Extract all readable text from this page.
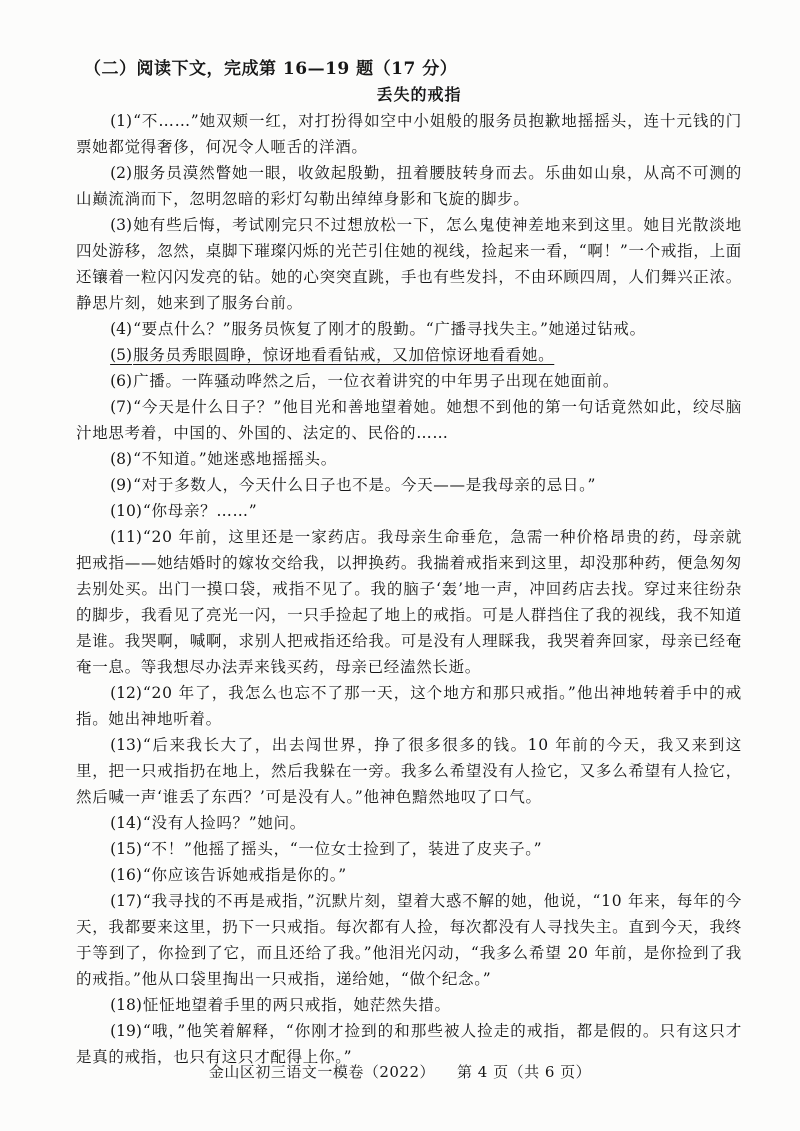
（二）阅读下文，完成第 16—19 题（17 分）
丢失的戒指

(1)“不……”她双颊一红，对打扮得如空中小姐般的服务员抱歉地摇摇头，连十元钱的门票她都觉得奢侈，何况令人咂舌的洋酒。

(2)服务员漠然瞥她一眼，收敛起殷勤，扭着腰肢转身而去。乐曲如山泉，从高不可测的山巅流淌而下，忽明忽暗的彩灯勾勒出绰绰身影和飞旋的脚步。

(3)她有些后悔，考试刚完只不过想放松一下，怎么鬼使神差地来到这里。她目光散淡地四处游移，忽然，桌脚下璀璨闪烁的光芒引住她的视线，捡起来一看，“啊！”一个戒指，上面还镶着一粒闪闪发亮的钻。她的心突突直跳，手也有些发抖，不由环顾四周，人们舞兴正浓。静思片刻，她来到了服务台前。

(4)“要点什么？”服务员恢复了刚才的殷勤。“广播寻找失主。”她递过钻戒。

(5)服务员秀眼圆睁，惊讶地看看钻戒，又加倍惊讶地看看她。

(6)广播。一阵骚动哗然之后，一位衣着讲究的中年男子出现在她面前。

(7)“今天是什么日子？”他目光和善地望着她。她想不到他的第一句话竟然如此，绞尽脑汁地思考着，中国的、外国的、法定的、民俗的……

(8)“不知道。”她迷惑地摇摇头。

(9)“对于多数人，今天什么日子也不是。今天——是我母亲的忌日。”

(10)“你母亲？……”

(11)“20 年前，这里还是一家药店。我母亲生命垂危，急需一种价格昂贵的药，母亲就把戒指——她结婚时的嫁妆交给我，以押换药。我揣着戒指来到这里，却没那种药，便急匆匆去别处买。出门一摸口袋，戒指不见了。我的脑子‘轰’地一声，冲回药店去找。穿过来往纷杂的脚步，我看见了亮光一闪，一只手捡起了地上的戒指。可是人群挡住了我的视线，我不知道是谁。我哭啊，喊啊，求别人把戒指还给我。可是没有人理睬我，我哭着奔回家，母亲已经奄奄一息。等我想尽办法弄来钱买药，母亲已经溘然长逝。

(12)“20 年了，我怎么也忘不了那一天，这个地方和那只戒指。”他出神地转着手中的戒指。她出神地听着。

(13)“后来我长大了，出去闯世界，挣了很多很多的钱。10 年前的今天，我又来到这里，把一只戒指扔在地上，然后我躲在一旁。我多么希望没有人捡它，又多么希望有人捡它，然后喊一声‘谁丢了东西？’可是没有人。”他神色黯然地叹了口气。

(14)“没有人捡吗？”她问。

(15)“不！”他摇了摇头，“一位女士捡到了，装进了皮夹子。”

(16)“你应该告诉她戒指是你的。”

(17)“我寻找的不再是戒指，”沉默片刻，望着大惑不解的她，他说，“10 年来，每年的今天，我都要来这里，扔下一只戒指。每次都有人捡，每次都没有人寻找失主。直到今天，我终于等到了，你捡到了它，而且还给了我。”他泪光闪动，“我多么希望 20 年前，是你捡到了我的戒指。”他从口袋里掏出一只戒指，递给她，“做个纪念。”

(18)怔怔地望着手里的两只戒指，她茫然失措。

(19)“哦，”他笑着解释，“你刚才捡到的和那些被人捡走的戒指，都是假的。只有这只才是真的戒指，也只有这只才配得上你。”

金山区初三语文一模卷（2022） 第 4 页（共 6 页）
